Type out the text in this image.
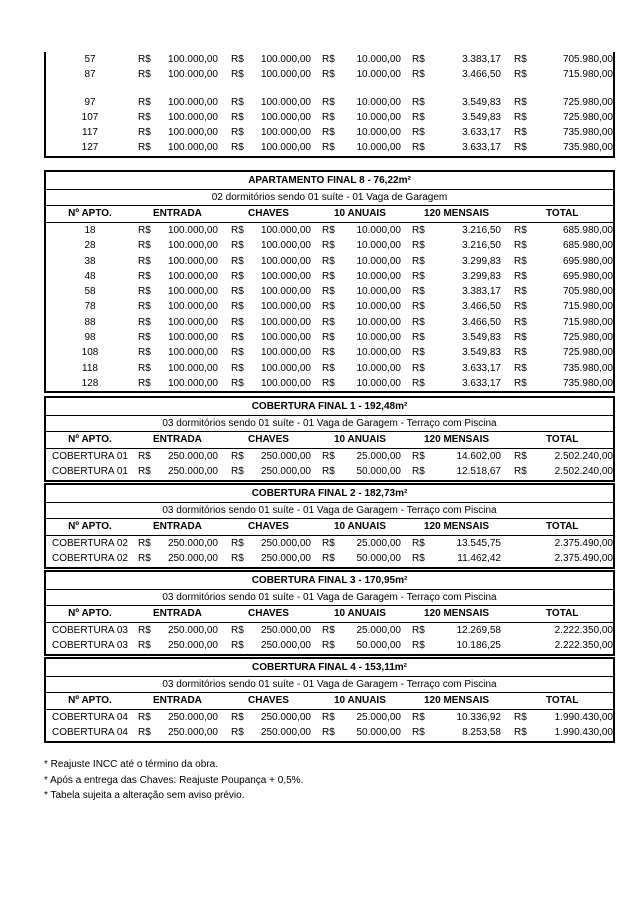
57	R$ 100.000,00 R$ 100.000,00 R$ 10.000,00 R$	3.383,17 R$	705.980,00
87	R$ 100.000,00 R$ 100.000,00 R$ 10.000,00 R$	3.466,50 R$	715.980,00
97	R$ 100.000,00 R$ 100.000,00 R$ 10.000,00 R$	3.549,83 R$	725.980,00
107	R$ 100.000,00 R$ 100.000,00 R$ 10.000,00 R$	3.549,83 R$	725.980,00
117	R$ 100.000,00 R$ 100.000,00 R$ 10.000,00 R$	3.633,17 R$	735.980,00
127	R$ 100.000,00 R$ 100.000,00 R$ 10.000,00 R$	3.633,17 R$	735.980,00
APARTAMENTO FINAL 8 - 76,22m²
02 dormitórios sendo 01 suíte - 01 Vaga de Garagem
Nº APTO.	ENTRADA	CHAVES	10 ANUAIS	120 MENSAIS	TOTAL
18	R$ 100.000,00 R$ 100.000,00 R$ 10.000,00 R$	3.216,50 R$	685.980,00
28	R$ 100.000,00 R$ 100.000,00 R$ 10.000,00 R$	3.216,50 R$	685.980,00
38	R$ 100.000,00 R$ 100.000,00 R$ 10.000,00 R$	3.299,83 R$	695.980,00
48	R$ 100.000,00 R$ 100.000,00 R$ 10.000,00 R$	3.299,83 R$	695.980,00
58	R$ 100.000,00 R$ 100.000,00 R$ 10.000,00 R$	3.383,17 R$	705.980,00
78	R$ 100.000,00 R$ 100.000,00 R$ 10.000,00 R$	3.466,50 R$	715.980,00
88	R$ 100.000,00 R$ 100.000,00 R$ 10.000,00 R$	3.466,50 R$	715.980,00
98	R$ 100.000,00 R$ 100.000,00 R$ 10.000,00 R$	3.549,83 R$	725.980,00
108	R$ 100.000,00 R$ 100.000,00 R$ 10.000,00 R$	3.549,83 R$	725.980,00
118	R$ 100.000,00 R$ 100.000,00 R$ 10.000,00 R$	3.633,17 R$	735.980,00
128	R$ 100.000,00 R$ 100.000,00 R$ 10.000,00 R$	3.633,17 R$	735.980,00
COBERTURA FINAL 1 - 192,48m²
03 dormitórios sendo 01 suíte - 01 Vaga de Garagem - Terraço com Piscina
Nº APTO.	ENTRADA	CHAVES	10 ANUAIS	120 MENSAIS	TOTAL
COBERTURA 01	R$ 250.000,00 R$ 250.000,00 R$ 25.000,00 R$	14.602,00 R$	2.502.240,00
COBERTURA 01	R$ 250.000,00 R$ 250.000,00 R$ 50.000,00 R$	12.518,67 R$	2.502.240,00
COBERTURA FINAL 2 - 182,73m²
03 dormitórios sendo 01 suíte - 01 Vaga de Garagem - Terraço com Piscina
Nº APTO.	ENTRADA	CHAVES	10 ANUAIS	120 MENSAIS	TOTAL
COBERTURA 02	R$ 250.000,00 R$ 250.000,00 R$ 25.000,00 R$	13.545,75	2.375.490,00
COBERTURA 02	R$ 250.000,00 R$ 250.000,00 R$ 50.000,00 R$	11.462,42	2.375.490,00
COBERTURA FINAL 3 - 170,95m²
03 dormitórios sendo 01 suíte - 01 Vaga de Garagem - Terraço com Piscina
Nº APTO.	ENTRADA	CHAVES	10 ANUAIS	120 MENSAIS	TOTAL
COBERTURA 03	R$ 250.000,00 R$ 250.000,00 R$ 25.000,00 R$	12.269,58	2.222.350,00
COBERTURA 03	R$ 250.000,00 R$ 250.000,00 R$ 50.000,00 R$	10.186,25	2.222.350,00
COBERTURA FINAL 4 - 153,11m²
03 dormitórios sendo 01 suíte - 01 Vaga de Garagem - Terraço com Piscina
Nº APTO.	ENTRADA	CHAVES	10 ANUAIS	120 MENSAIS	TOTAL
COBERTURA 04	R$ 250.000,00 R$ 250.000,00 R$ 25.000,00 R$	10.336,92 R$	1.990.430,00
COBERTURA 04	R$ 250.000,00 R$ 250.000,00 R$ 50.000,00 R$	8.253,58 R$	1.990.430,00
* Reajuste INCC até o término da obra.
* Após a entrega das Chaves: Reajuste Poupança + 0,5%.
* Tabela sujeita a alteração sem aviso prévio.
